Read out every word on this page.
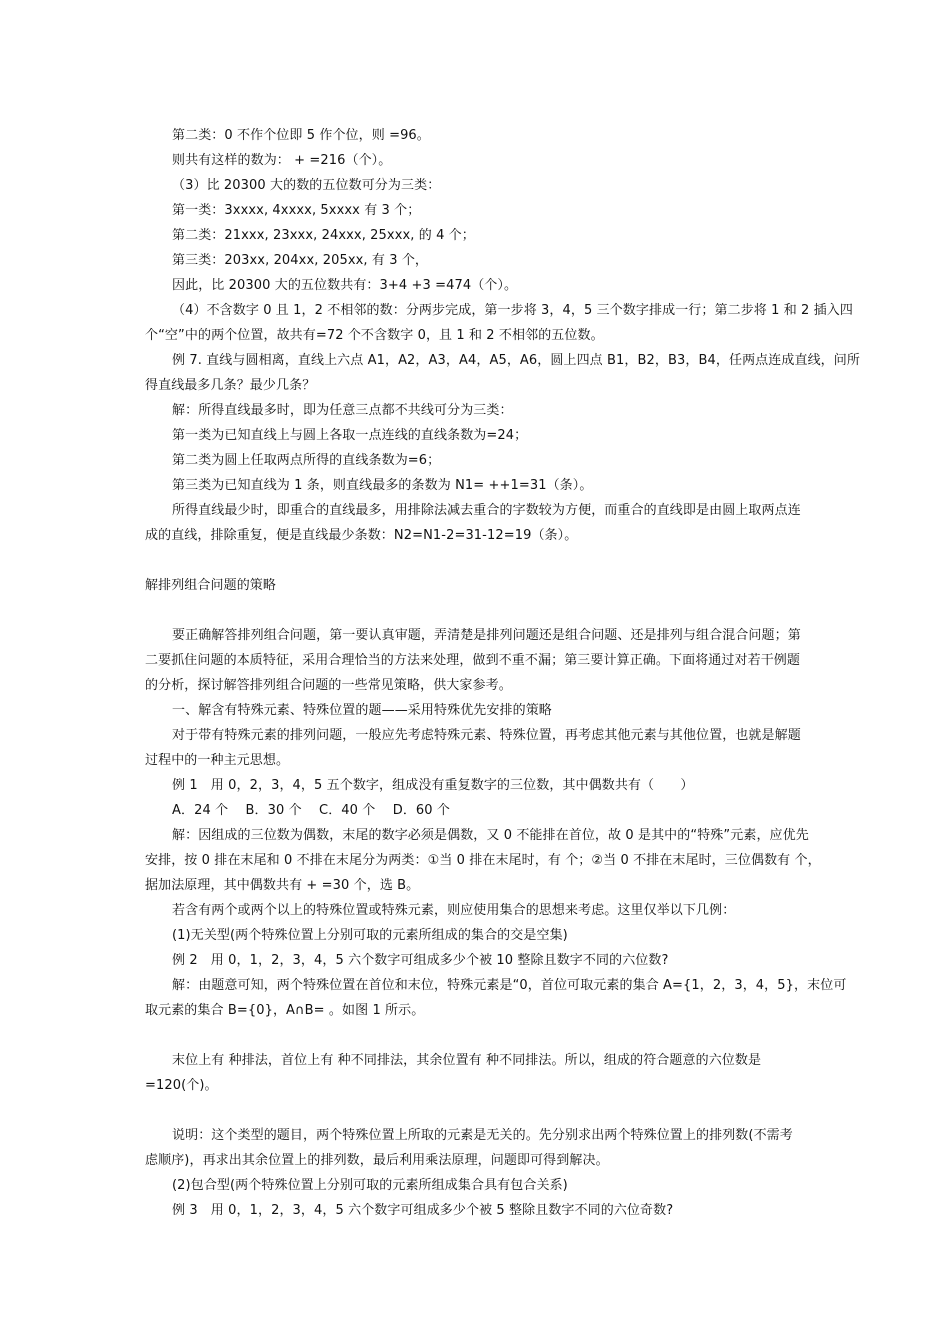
第二类：0 不作个位即 5 作个位，则 =96。
则共有这样的数为： + =216（个）。
（3）比 20300 大的数的五位数可分为三类：
第一类：3xxxx, 4xxxx, 5xxxx 有 3 个；
第二类：21xxx, 23xxx, 24xxx, 25xxx, 的 4 个；
第三类：203xx, 204xx, 205xx, 有 3 个，
因此，比 20300 大的五位数共有：3+4 +3 =474（个）。
（4）不含数字 0 且 1，2 不相邻的数：分两步完成，第一步将 3，4，5 三个数字排成一行；第二步将 1 和 2 插入四
个“空”中的两个位置，故共有=72 个不含数字 0，且 1 和 2 不相邻的五位数。
例 7. 直线与圆相离，直线上六点 A1，A2，A3，A4，A5，A6，圆上四点 B1，B2，B3，B4，任两点连成直线，问所
得直线最多几条？最少几条？
解：所得直线最多时，即为任意三点都不共线可分为三类：
第一类为已知直线上与圆上各取一点连线的直线条数为=24；
第二类为圆上任取两点所得的直线条数为=6；
第三类为已知直线为 1 条，则直线最多的条数为 N1= ++1=31（条）。
所得直线最少时，即重合的直线最多，用排除法减去重合的字数较为方便，而重合的直线即是由圆上取两点连
成的直线，排除重复，便是直线最少条数：N2=N1-2=31-12=19（条）。
解排列组合问题的策略
要正确解答排列组合问题，第一要认真审题，弄清楚是排列问题还是组合问题、还是排列与组合混合问题；第
二要抓住问题的本质特征，采用合理恰当的方法来处理，做到不重不漏；第三要计算正确。下面将通过对若干例题
的分析，探讨解答排列组合问题的一些常见策略，供大家参考。
一、解含有特殊元素、特殊位置的题——采用特殊优先安排的策略
对于带有特殊元素的排列问题，一般应先考虑特殊元素、特殊位置，再考虑其他元素与其他位置，也就是解题
过程中的一种主元思想。
例 1　用 0，2，3，4，5 五个数字，组成没有重复数字的三位数，其中偶数共有（　　）
A．24 个　 B．30 个　 C．40 个　 D．60 个
解：因组成的三位数为偶数，末尾的数字必须是偶数，又 0 不能排在首位，故 0 是其中的“特殊”元素，应优先
安排，按 0 排在末尾和 0 不排在末尾分为两类：①当 0 排在末尾时，有 个；②当 0 不排在末尾时，三位偶数有 个，
据加法原理，其中偶数共有 + =30 个，选 B。
若含有两个或两个以上的特殊位置或特殊元素，则应使用集合的思想来考虑。这里仅举以下几例：
(1)无关型(两个特殊位置上分别可取的元素所组成的集合的交是空集)
例 2　用 0，1，2，3，4，5 六个数字可组成多少个被 10 整除且数字不同的六位数?
解：由题意可知，两个特殊位置在首位和末位，特殊元素是“0，首位可取元素的集合 A={1，2，3，4，5}，末位可
取元素的集合 B={0}，A∩B= 。如图 1 所示。
末位上有 种排法，首位上有 种不同排法，其余位置有 种不同排法。所以，组成的符合题意的六位数是
=120(个)。
说明：这个类型的题目，两个特殊位置上所取的元素是无关的。先分别求出两个特殊位置上的排列数(不需考
虑顺序)，再求出其余位置上的排列数，最后利用乘法原理，问题即可得到解决。
(2)包合型(两个特殊位置上分别可取的元素所组成集合具有包合关系)
例 3　用 0，1，2，3，4，5 六个数字可组成多少个被 5 整除且数字不同的六位奇数?
